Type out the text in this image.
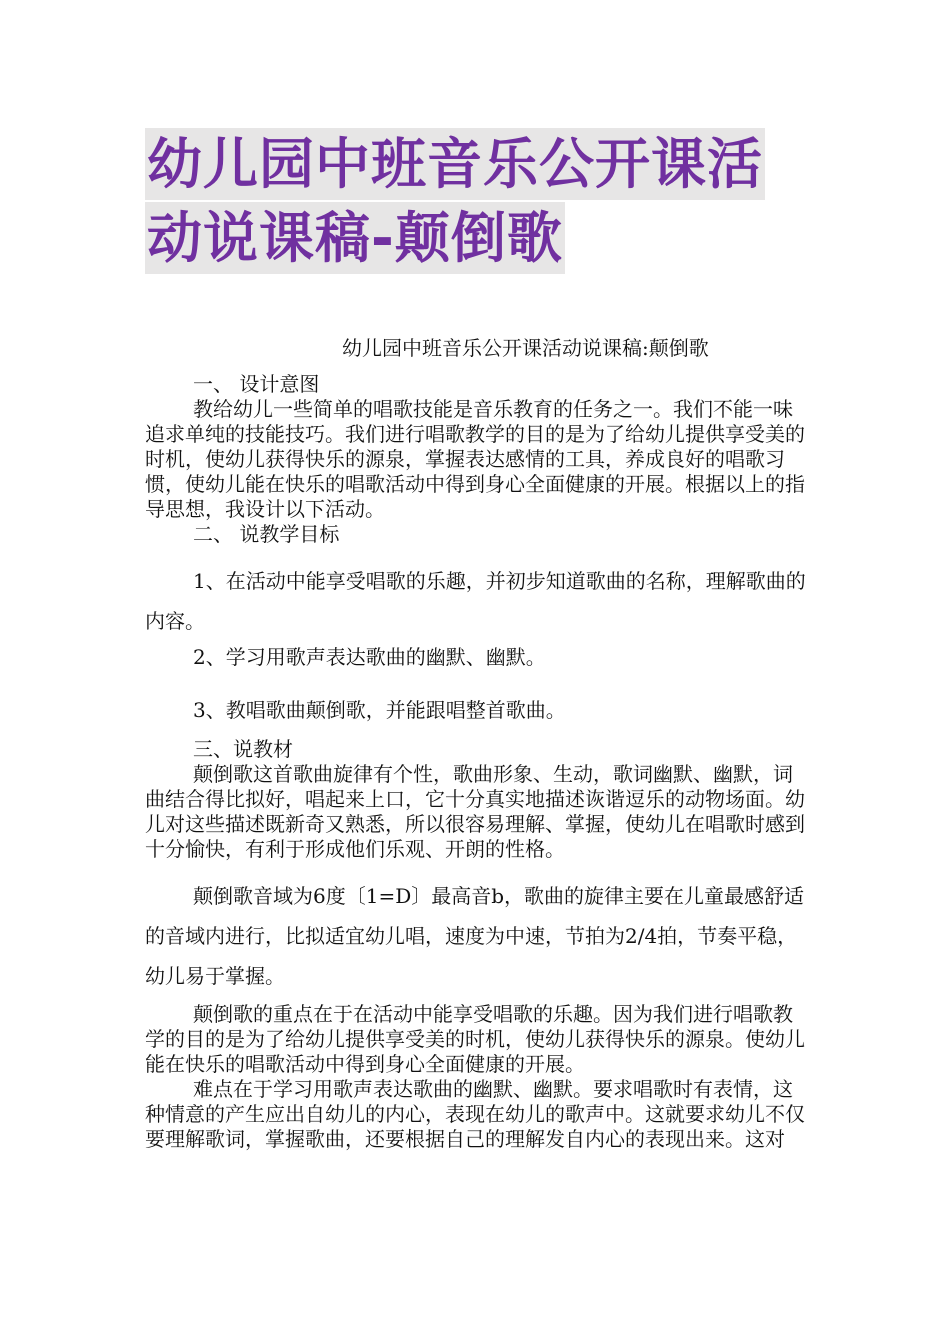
幼儿园中班音乐公开课活
动说课稿-颠倒歌
幼儿园中班音乐公开课活动说课稿:颠倒歌

一、 设计意图

教给幼儿一些简单的唱歌技能是音乐教育的任务之一。我们不能一味追求单纯的技能技巧。我们进行唱歌教学的目的是为了给幼儿提供享受美的时机，使幼儿获得快乐的源泉，掌握表达感情的工具，养成良好的唱歌习惯，使幼儿能在快乐的唱歌活动中得到身心全面健康的开展。根据以上的指导思想，我设计以下活动。

二、 说教学目标

1、在活动中能享受唱歌的乐趣，并初步知道歌曲的名称，理解歌曲的内容。

2、学习用歌声表达歌曲的幽默、幽默。

3、教唱歌曲颠倒歌，并能跟唱整首歌曲。

三、说教材

颠倒歌这首歌曲旋律有个性，歌曲形象、生动，歌词幽默、幽默，词曲结合得比拟好，唱起来上口，它十分真实地描述诙谐逗乐的动物场面。幼儿对这些描述既新奇又熟悉，所以很容易理解、掌握，使幼儿在唱歌时感到十分愉快，有利于形成他们乐观、开朗的性格。

颠倒歌音域为6度〔1=D〕最高音b，歌曲的旋律主要在儿童最感舒适的音域内进行，比拟适宜幼儿唱，速度为中速，节拍为2/4拍，节奏平稳，幼儿易于掌握。

颠倒歌的重点在于在活动中能享受唱歌的乐趣。因为我们进行唱歌教学的目的是为了给幼儿提供享受美的时机，使幼儿获得快乐的源泉。使幼儿能在快乐的唱歌活动中得到身心全面健康的开展。

难点在于学习用歌声表达歌曲的幽默、幽默。要求唱歌时有表情，这种情意的产生应出自幼儿的内心，表现在幼儿的歌声中。这就要求幼儿不仅要理解歌词，掌握歌曲，还要根据自己的理解发自内心的表现出来。这对
